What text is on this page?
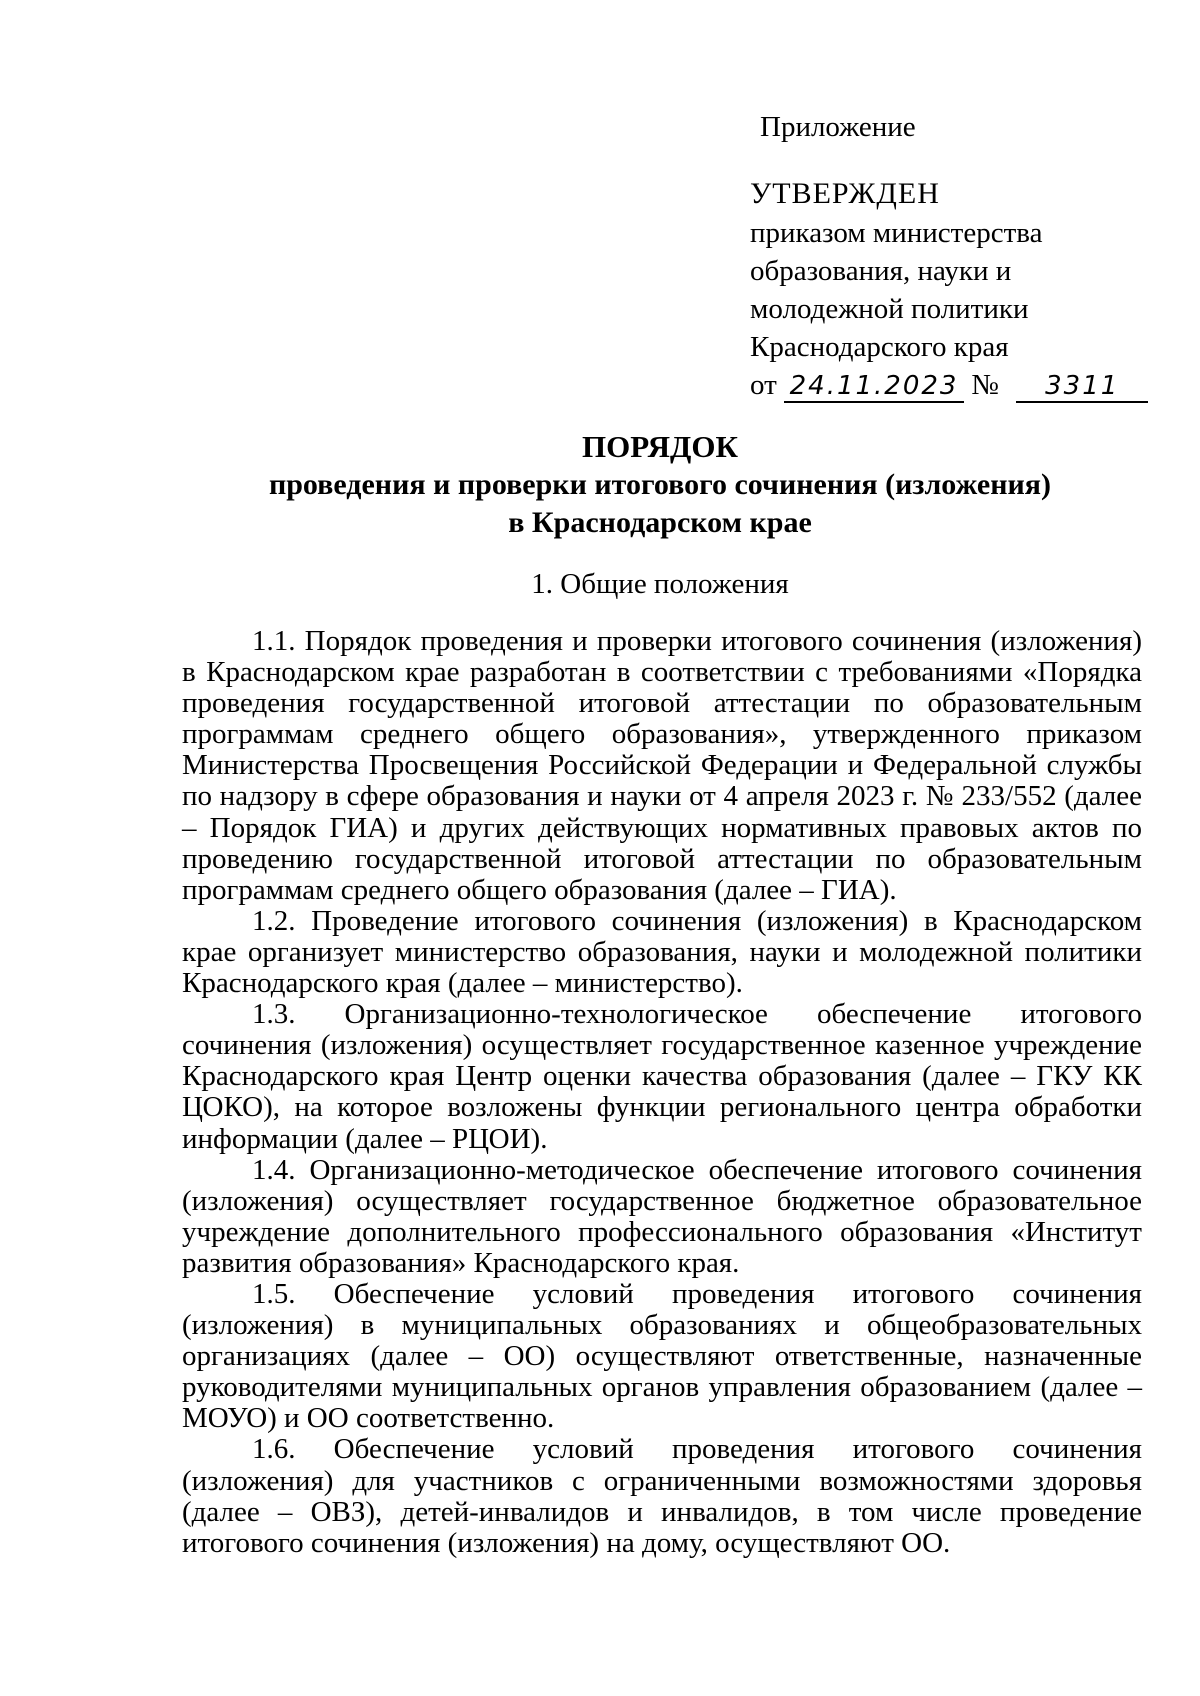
Приложение
УТВЕРЖДЕН
приказом министерства
образования, науки и
молодежной политики
Краснодарского края
от 24.11.2023 № 3311
ПОРЯДОК
проведения и проверки итогового сочинения (изложения)
в Краснодарском крае
1. Общие положения

1.1. Порядок проведения и проверки итогового сочинения (изложения) в Краснодарском крае разработан в соответствии с требованиями «Порядка проведения государственной итоговой аттестации по образовательным программам среднего общего образования», утвержденного приказом Министерства Просвещения Российской Федерации и Федеральной службы по надзору в сфере образования и науки от 4 апреля 2023 г. № 233/552 (далее – Порядок ГИА) и других действующих нормативных правовых актов по проведению государственной итоговой аттестации по образовательным программам среднего общего образования (далее – ГИА).

1.2. Проведение итогового сочинения (изложения) в Краснодарском крае организует министерство образования, науки и молодежной политики Краснодарского края (далее – министерство).

1.3. Организационно-технологическое обеспечение итогового сочинения (изложения) осуществляет государственное казенное учреждение Краснодарского края Центр оценки качества образования (далее – ГКУ КК ЦОКО), на которое возложены функции регионального центра обработки информации (далее – РЦОИ).

1.4. Организационно-методическое обеспечение итогового сочинения (изложения) осуществляет государственное бюджетное образовательное учреждение дополнительного профессионального образования «Институт развития образования» Краснодарского края.

1.5. Обеспечение условий проведения итогового сочинения (изложения) в муниципальных образованиях и общеобразовательных организациях (далее – ОО) осуществляют ответственные, назначенные руководителями муниципальных органов управления образованием (далее – МОУО) и ОО соответственно.

1.6. Обеспечение условий проведения итогового сочинения (изложения) для участников с ограниченными возможностями здоровья (далее – ОВЗ), детей-инвалидов и инвалидов, в том числе проведение итогового сочинения (изложения) на дому, осуществляют ОО.
